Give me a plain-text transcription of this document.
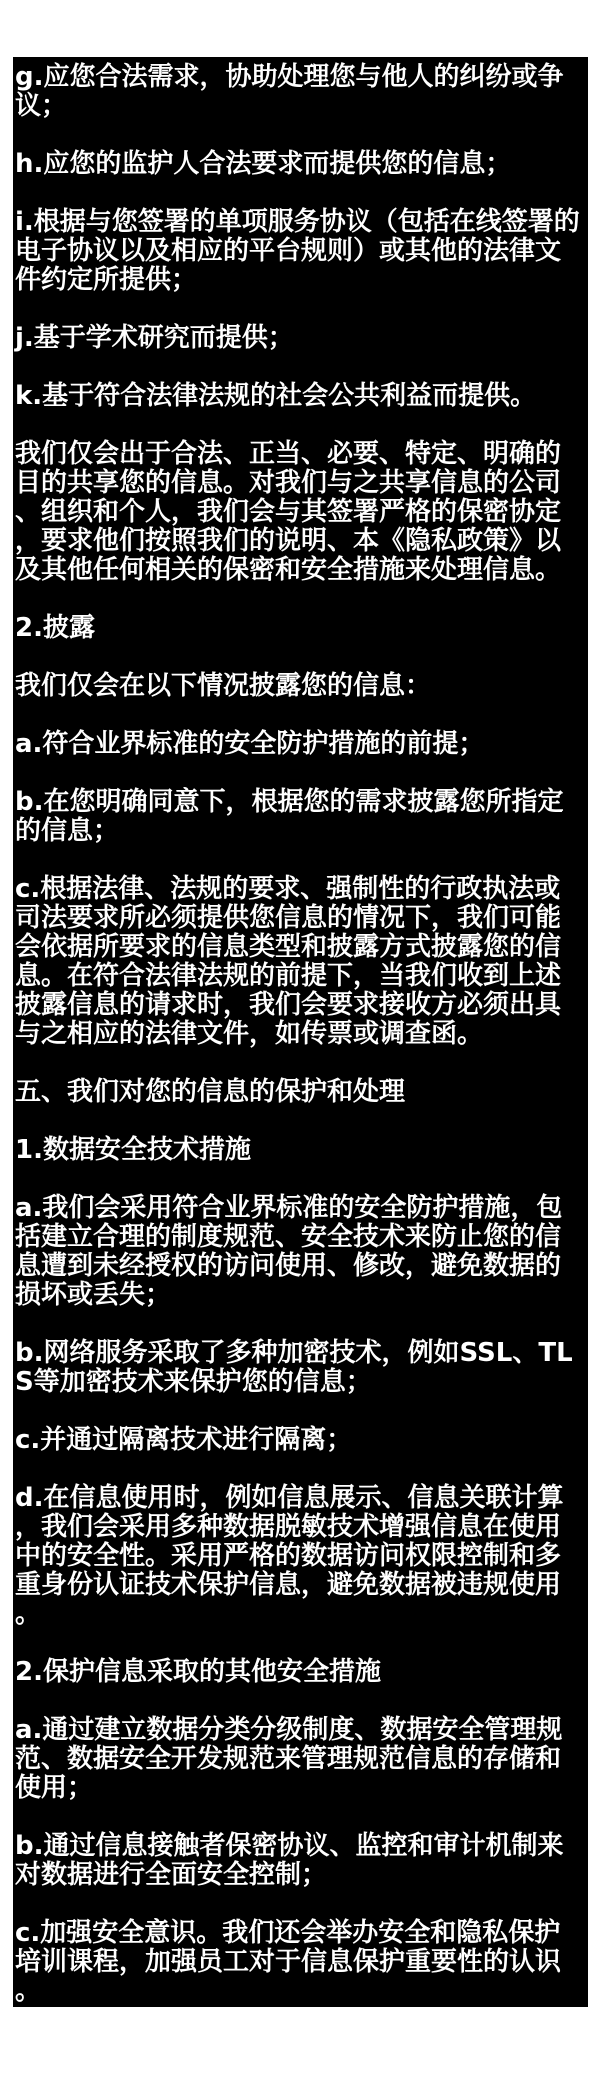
g.应您合法需求，协助处理您与他人的纠纷或争议；

h.应您的监护人合法要求而提供您的信息；

i.根据与您签署的单项服务协议（包括在线签署的电子协议以及相应的平台规则）或其他的法律文件约定所提供；

j.基于学术研究而提供；

k.基于符合法律法规的社会公共利益而提供。

我们仅会出于合法、正当、必要、特定、明确的目的共享您的信息。对我们与之共享信息的公司、组织和个人，我们会与其签署严格的保密协定，要求他们按照我们的说明、本《隐私政策》以及其他任何相关的保密和安全措施来处理信息。

2.披露

我们仅会在以下情况披露您的信息：

a.符合业界标准的安全防护措施的前提；

b.在您明确同意下，根据您的需求披露您所指定的信息；

c.根据法律、法规的要求、强制性的行政执法或司法要求所必须提供您信息的情况下，我们可能会依据所要求的信息类型和披露方式披露您的信息。在符合法律法规的前提下，当我们收到上述披露信息的请求时，我们会要求接收方必须出具与之相应的法律文件，如传票或调查函。

五、我们对您的信息的保护和处理

1.数据安全技术措施

a.我们会采用符合业界标准的安全防护措施，包括建立合理的制度规范、安全技术来防止您的信息遭到未经授权的访问使用、修改，避免数据的损坏或丢失；

b.网络服务采取了多种加密技术，例如SSL、TLS等加密技术来保护您的信息；

c.并通过隔离技术进行隔离；

d.在信息使用时，例如信息展示、信息关联计算，我们会采用多种数据脱敏技术增强信息在使用中的安全性。采用严格的数据访问权限控制和多重身份认证技术保护信息，避免数据被违规使用。

2.保护信息采取的其他安全措施

a.通过建立数据分类分级制度、数据安全管理规范、数据安全开发规范来管理规范信息的存储和使用；

b.通过信息接触者保密协议、监控和审计机制来对数据进行全面安全控制；

c.加强安全意识。我们还会举办安全和隐私保护培训课程，加强员工对于信息保护重要性的认识。

3.仅允许必要人员知晓这些信息，并保证知晓人员不记录、保存。
